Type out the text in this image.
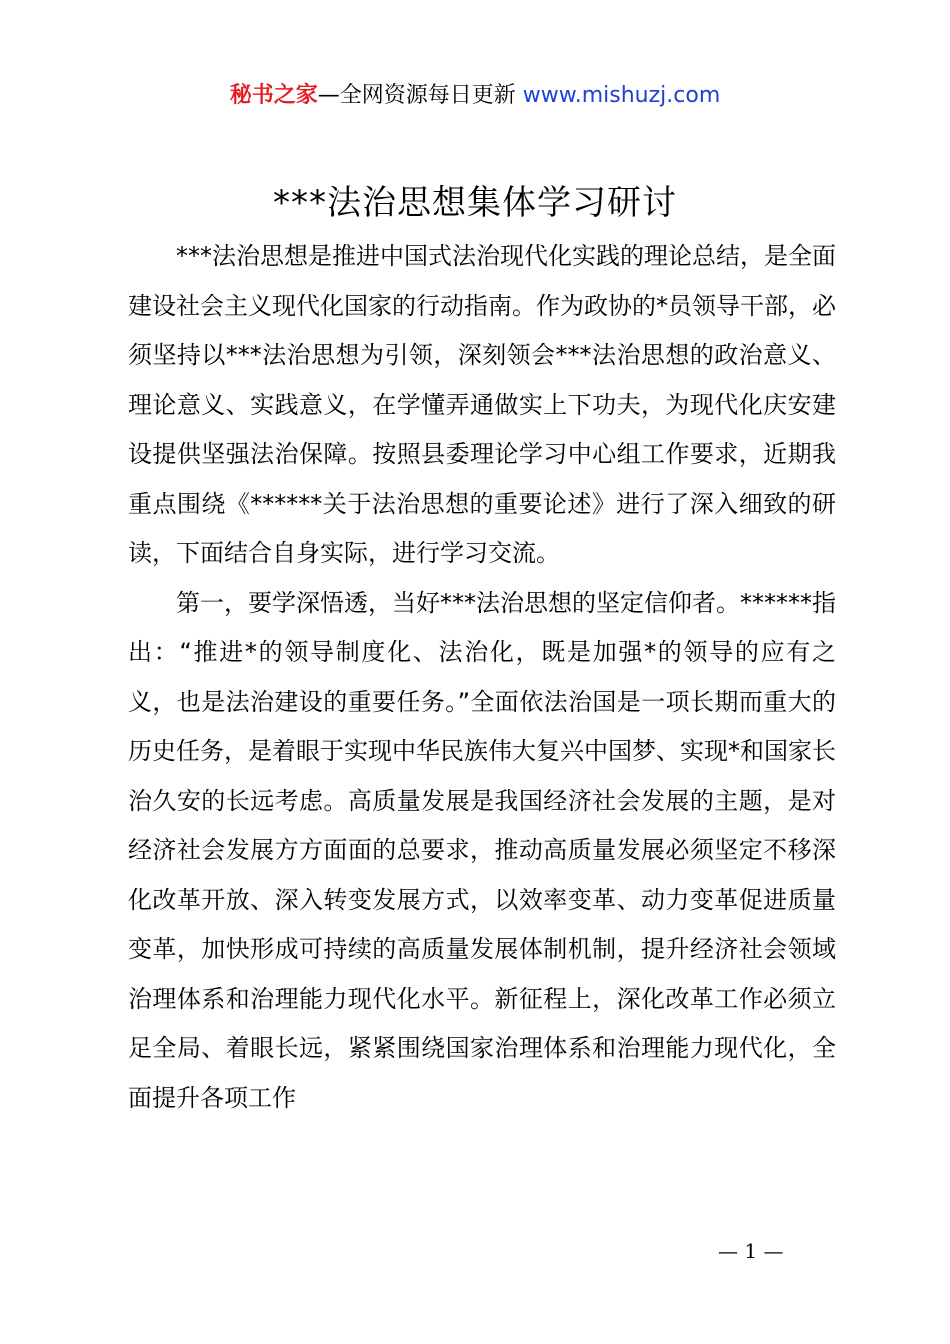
秘书之家—全网资源每日更新 www.mishuzj.com
***法治思想集体学习研讨

***法治思想是推进中国式法治现代化实践的理论总结，是全面建设社会主义现代化国家的行动指南。作为政协的*员领导干部，必须坚持以***法治思想为引领，深刻领会***法治思想的政治意义、理论意义、实践意义，在学懂弄通做实上下功夫，为现代化庆安建设提供坚强法治保障。按照县委理论学习中心组工作要求，近期我重点围绕《******关于法治思想的重要论述》进行了深入细致的研读，下面结合自身实际，进行学习交流。

第一，要学深悟透，当好***法治思想的坚定信仰者。******指出：“推进*的领导制度化、法治化，既是加强*的领导的应有之义，也是法治建设的重要任务。”全面依法治国是一项长期而重大的历史任务，是着眼于实现中华民族伟大复兴中国梦、实现*和国家长治久安的长远考虑。高质量发展是我国经济社会发展的主题，是对经济社会发展方方面面的总要求，推动高质量发展必须坚定不移深化改革开放、深入转变发展方式，以效率变革、动力变革促进质量变革，加快形成可持续的高质量发展体制机制，提升经济社会领域治理体系和治理能力现代化水平。新征程上，深化改革工作必须立足全局、着眼长远，紧紧围绕国家治理体系和治理能力现代化，全面提升各项工作

— 1 —
